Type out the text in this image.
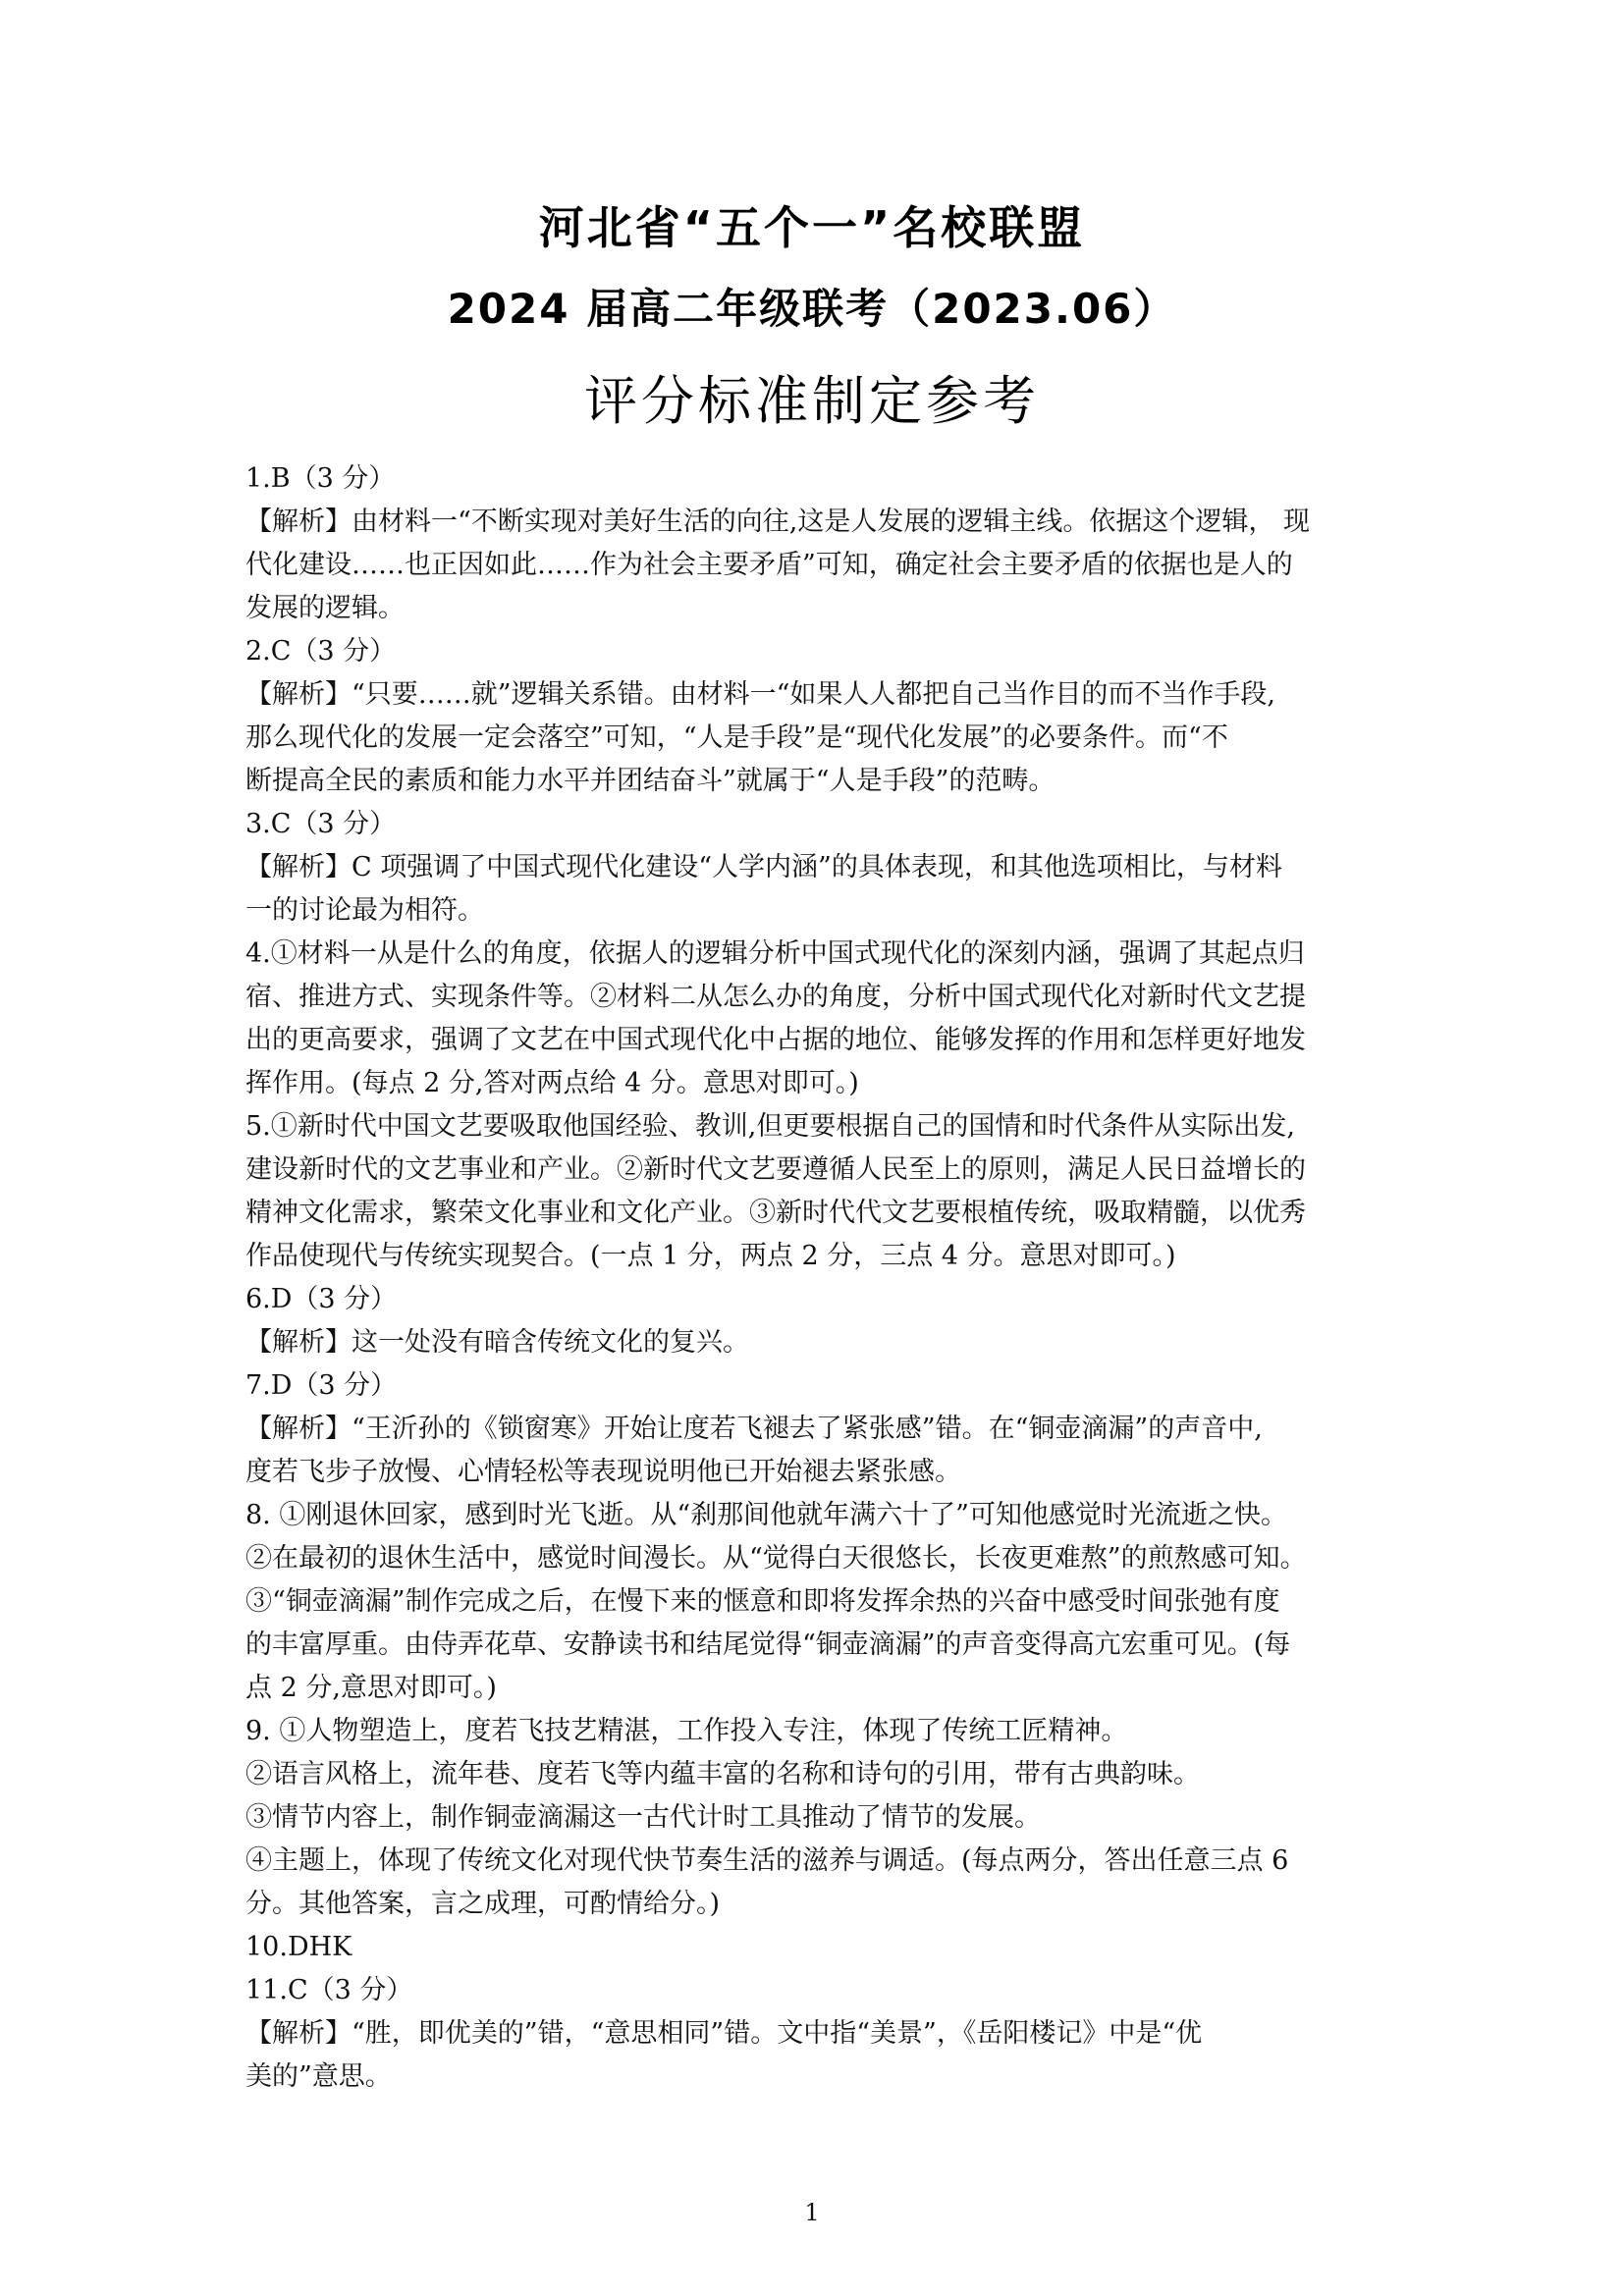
河北省“五个一”名校联盟
2024 届高二年级联考（2023.06）
评分标准制定参考
1.B（3 分）
【解析】由材料一“不断实现对美好生活的向往,这是人发展的逻辑主线。依据这个逻辑， 现
代化建设……也正因如此……作为社会主要矛盾”可知，确定社会主要矛盾的依据也是人的
发展的逻辑。
2.C（3 分）
【解析】“只要……就”逻辑关系错。由材料一“如果人人都把自己当作目的而不当作手段,
那么现代化的发展一定会落空”可知，“人是手段”是“现代化发展”的必要条件。而“不
断提高全民的素质和能力水平并团结奋斗”就属于“人是手段”的范畴。
3.C（3 分）
【解析】C 项强调了中国式现代化建设“人学内涵”的具体表现，和其他选项相比，与材料
一的讨论最为相符。
4.①材料一从是什么的角度，依据人的逻辑分析中国式现代化的深刻内涵，强调了其起点归
宿、推进方式、实现条件等。②材料二从怎么办的角度，分析中国式现代化对新时代文艺提
出的更高要求，强调了文艺在中国式现代化中占据的地位、能够发挥的作用和怎样更好地发
挥作用。(每点 2 分,答对两点给 4 分。意思对即可。)
5.①新时代中国文艺要吸取他国经验、教训,但更要根据自己的国情和时代条件从实际出发,
建设新时代的文艺事业和产业。②新时代文艺要遵循人民至上的原则，满足人民日益增长的
精神文化需求，繁荣文化事业和文化产业。③新时代代文艺要根植传统，吸取精髓，以优秀
作品使现代与传统实现契合。(一点 1 分，两点 2 分，三点 4 分。意思对即可。)
6.D（3 分）
【解析】这一处没有暗含传统文化的复兴。
7.D（3 分）
【解析】“王沂孙的《锁窗寒》开始让度若飞褪去了紧张感”错。在“铜壶滴漏”的声音中,
度若飞步子放慢、心情轻松等表现说明他已开始褪去紧张感。
8. ①刚退休回家，感到时光飞逝。从“刹那间他就年满六十了”可知他感觉时光流逝之快。
②在最初的退休生活中，感觉时间漫长。从“觉得白天很悠长，长夜更难熬”的煎熬感可知。
③“铜壶滴漏”制作完成之后，在慢下来的惬意和即将发挥余热的兴奋中感受时间张弛有度
的丰富厚重。由侍弄花草、安静读书和结尾觉得“铜壶滴漏”的声音变得高亢宏重可见。(每
点 2 分,意思对即可。)
9. ①人物塑造上，度若飞技艺精湛，工作投入专注，体现了传统工匠精神。
②语言风格上，流年巷、度若飞等内蕴丰富的名称和诗句的引用，带有古典韵味。
③情节内容上，制作铜壶滴漏这一古代计时工具推动了情节的发展。
④主题上，体现了传统文化对现代快节奏生活的滋养与调适。(每点两分，答出任意三点 6
分。其他答案，言之成理，可酌情给分。)
10.DHK
11.C（3 分）
【解析】“胜，即优美的”错，“意思相同”错。文中指“美景”，《岳阳楼记》中是“优
美的”意思。
1
